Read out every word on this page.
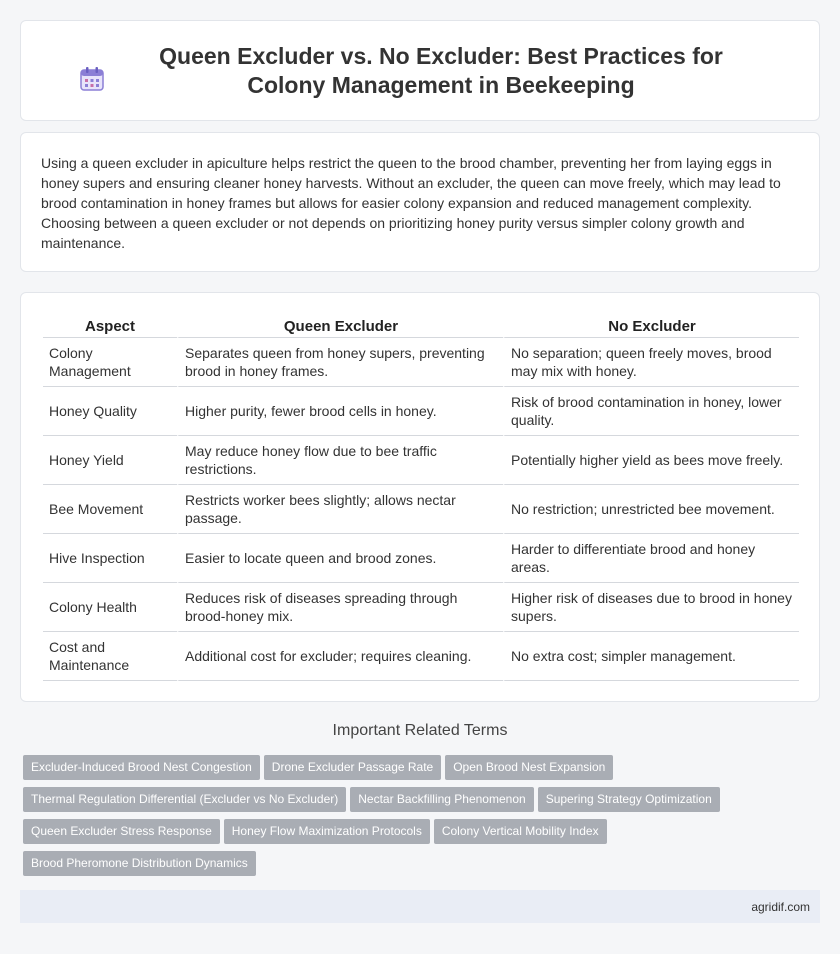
Queen Excluder vs. No Excluder: Best Practices for Colony Management in Beekeeping

Using a queen excluder in apiculture helps restrict the queen to the brood chamber, preventing her from laying eggs in honey supers and ensuring cleaner honey harvests. Without an excluder, the queen can move freely, which may lead to brood contamination in honey frames but allows for easier colony expansion and reduced management complexity. Choosing between a queen excluder or not depends on prioritizing honey purity versus simpler colony growth and maintenance.

Aspect	Queen Excluder	No Excluder
Colony Management	Separates queen from honey supers, preventing brood in honey frames.	No separation; queen freely moves, brood may mix with honey.
Honey Quality	Higher purity, fewer brood cells in honey.	Risk of brood contamination in honey, lower quality.
Honey Yield	May reduce honey flow due to bee traffic restrictions.	Potentially higher yield as bees move freely.
Bee Movement	Restricts worker bees slightly; allows nectar passage.	No restriction; unrestricted bee movement.
Hive Inspection	Easier to locate queen and brood zones.	Harder to differentiate brood and honey areas.
Colony Health	Reduces risk of diseases spreading through brood-honey mix.	Higher risk of diseases due to brood in honey supers.
Cost and Maintenance	Additional cost for excluder; requires cleaning.	No extra cost; simpler management.
Important Related Terms
Excluder-Induced Brood Nest Congestion Drone Excluder Passage Rate Open Brood Nest Expansion
Thermal Regulation Differential (Excluder vs No Excluder) Nectar Backfilling Phenomenon Supering Strategy Optimization
Queen Excluder Stress Response Honey Flow Maximization Protocols Colony Vertical Mobility Index
Brood Pheromone Distribution Dynamics
agridif.com
